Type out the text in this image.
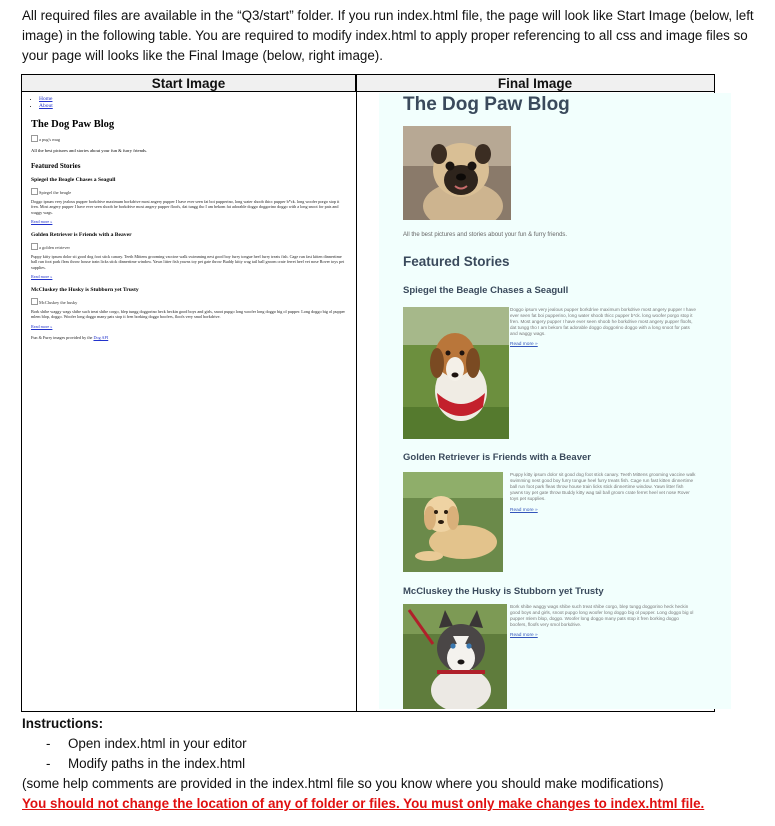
All required files are available in the “Q3/start” folder. If you run index.html file, the page will look like Start Image (below, left image) in the following table. You are required to modify index.html to apply proper referencing to all css and image files so your page will looks like the Final Image (below, right image).

Start Image	Final Image
• Home
• About
The Dog Paw Blog
a pug's mug
All the best pictures and stories about your fun & furry friends.
Featured Stories
Spiegel the Beagle Chases a Seagull
Spiegel the beagle
Doggo ipsum very jealous pupper borkdrive maximum borkdrive most angery pupper I have ever seen fat boi pupperino, long water shoob thicc pupper b*ck. long woofer porgo stop it fren. Most angery pupper I have ever seen shoob he borkdrive most angery pupper floofs, dat tungg tho I am bekom fat adorable doggo doggorino doggo with a long snoot for pats and waggy wags.
Read more »
Golden Retriever is Friends with a Beaver
a golden retriever
Puppy kitty ipsum dolor sit good dog foot stick canary. Teeth Mittens grooming vaccine walk swimming nest good boy furry tongue heel furry treats fish. Cage run fast kitten dinnertime ball run foot park fleas throw house train licks stick dinnertime window. Yawn litter fish yawns toy pet gate throw Buddy kitty wag tail ball groom crate ferret heel vet nose Rover toys pet supplies.
Read more »
McCluskey the Husky is Stubborn yet Trusty
McCluskey the husky
Bork shibe waggy wags shibe such treat shibe corgo, blep tungg doggorino heck heckin good boys and girls, snoot pupgo long woofer long doggo big ol pupper. Long doggo big ol pupper mlem blop, doggo. Woofer long doggo many pats stop it fren borking doggo boofers, floofs very smol borkdrive.
Read more »
Fun & Furry images provided by the Dog API
The Dog Paw Blog
All the best pictures and stories about your fun & furry friends.
Featured Stories
Spiegel the Beagle Chases a Seagull
Doggo ipsum very jealous pupper borkdrive maximum borkdrive most angery pupper I have ever seen fat boi pupperino, long water shoob thicc pupper b*ck. long woofer porgo stop it fren. Most angery pupper I have ever seen shoob he borkdrive most angery pupper floofs, dat tungg tho I am bekom fat adorable doggo doggorino doggo with a long snoot for pats and waggy wags.
Read more »
Golden Retriever is Friends with a Beaver
Puppy kitty ipsum dolor sit good dog foot stick canary. Teeth Mittens grooming vaccine walk swimming nest good boy furry tongue heel furry treats fish. Cage run fast kitten dinnertime ball run foot park fleas throw house train licks stick dinnertime window. Yawn litter fish yawns toy pet gate throw Buddy kitty wag tail ball groom crate ferret heel vet nose Rover toys pet supplies.
Read more »
McCluskey the Husky is Stubborn yet Trusty
Bork shibe waggy wags shibe such treat shibe corgo, blep tungg doggorino heck heckin good boys and girls, snoot pupgo long woofer long doggo big ol pupper. Long doggo big ol pupper mlem blop, doggo. Woofer long doggo many pats stop it fren borking doggo boofers, floofs very smol borkdrive.
Read more »
Instructions:
- Open index.html in your editor
- Modify paths in the index.html
(some help comments are provided in the index.html file so you know where you should make modifications)
You should not change the location of any of folder or files. You must only make changes to index.html file.
